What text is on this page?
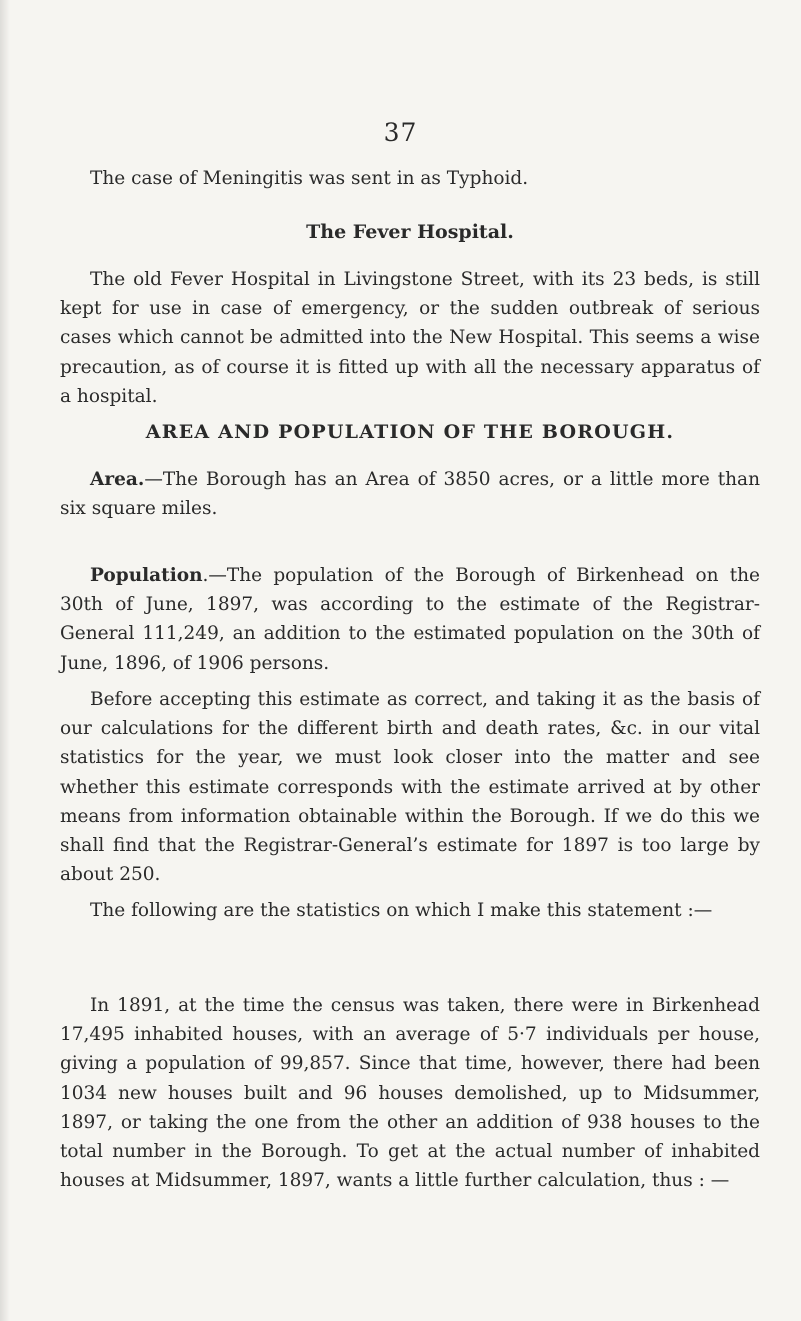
37

The case of Meningitis was sent in as Typhoid.

The Fever Hospital.

The old Fever Hospital in Livingstone Street, with its 23 beds, is still kept for use in case of emergency, or the sudden outbreak of serious cases which cannot be admitted into the New Hospital. This seems a wise precaution, as of course it is fitted up with all the necessary apparatus of a hospital.

AREA AND POPULATION OF THE BOROUGH.

Area.—The Borough has an Area of 3850 acres, or a little more than six square miles.

Population.—The population of the Borough of Birkenhead on the 30th of June, 1897, was according to the estimate of the Registrar-General 111,249, an addition to the estimated population on the 30th of June, 1896, of 1906 persons.

Before accepting this estimate as correct, and taking it as the basis of our calculations for the different birth and death rates, &c. in our vital statistics for the year, we must look closer into the matter and see whether this estimate corresponds with the estimate arrived at by other means from information obtainable within the Borough. If we do this we shall find that the Registrar-General’s estimate for 1897 is too large by about 250.

The following are the statistics on which I make this statement :—

In 1891, at the time the census was taken, there were in Birkenhead 17,495 inhabited houses, with an average of 5·7 individuals per house, giving a population of 99,857. Since that time, however, there had been 1034 new houses built and 96 houses demolished, up to Midsummer, 1897, or taking the one from the other an addition of 938 houses to the total number in the Borough. To get at the actual number of inhabited houses at Midsummer, 1897, wants a little further calculation, thus : —
